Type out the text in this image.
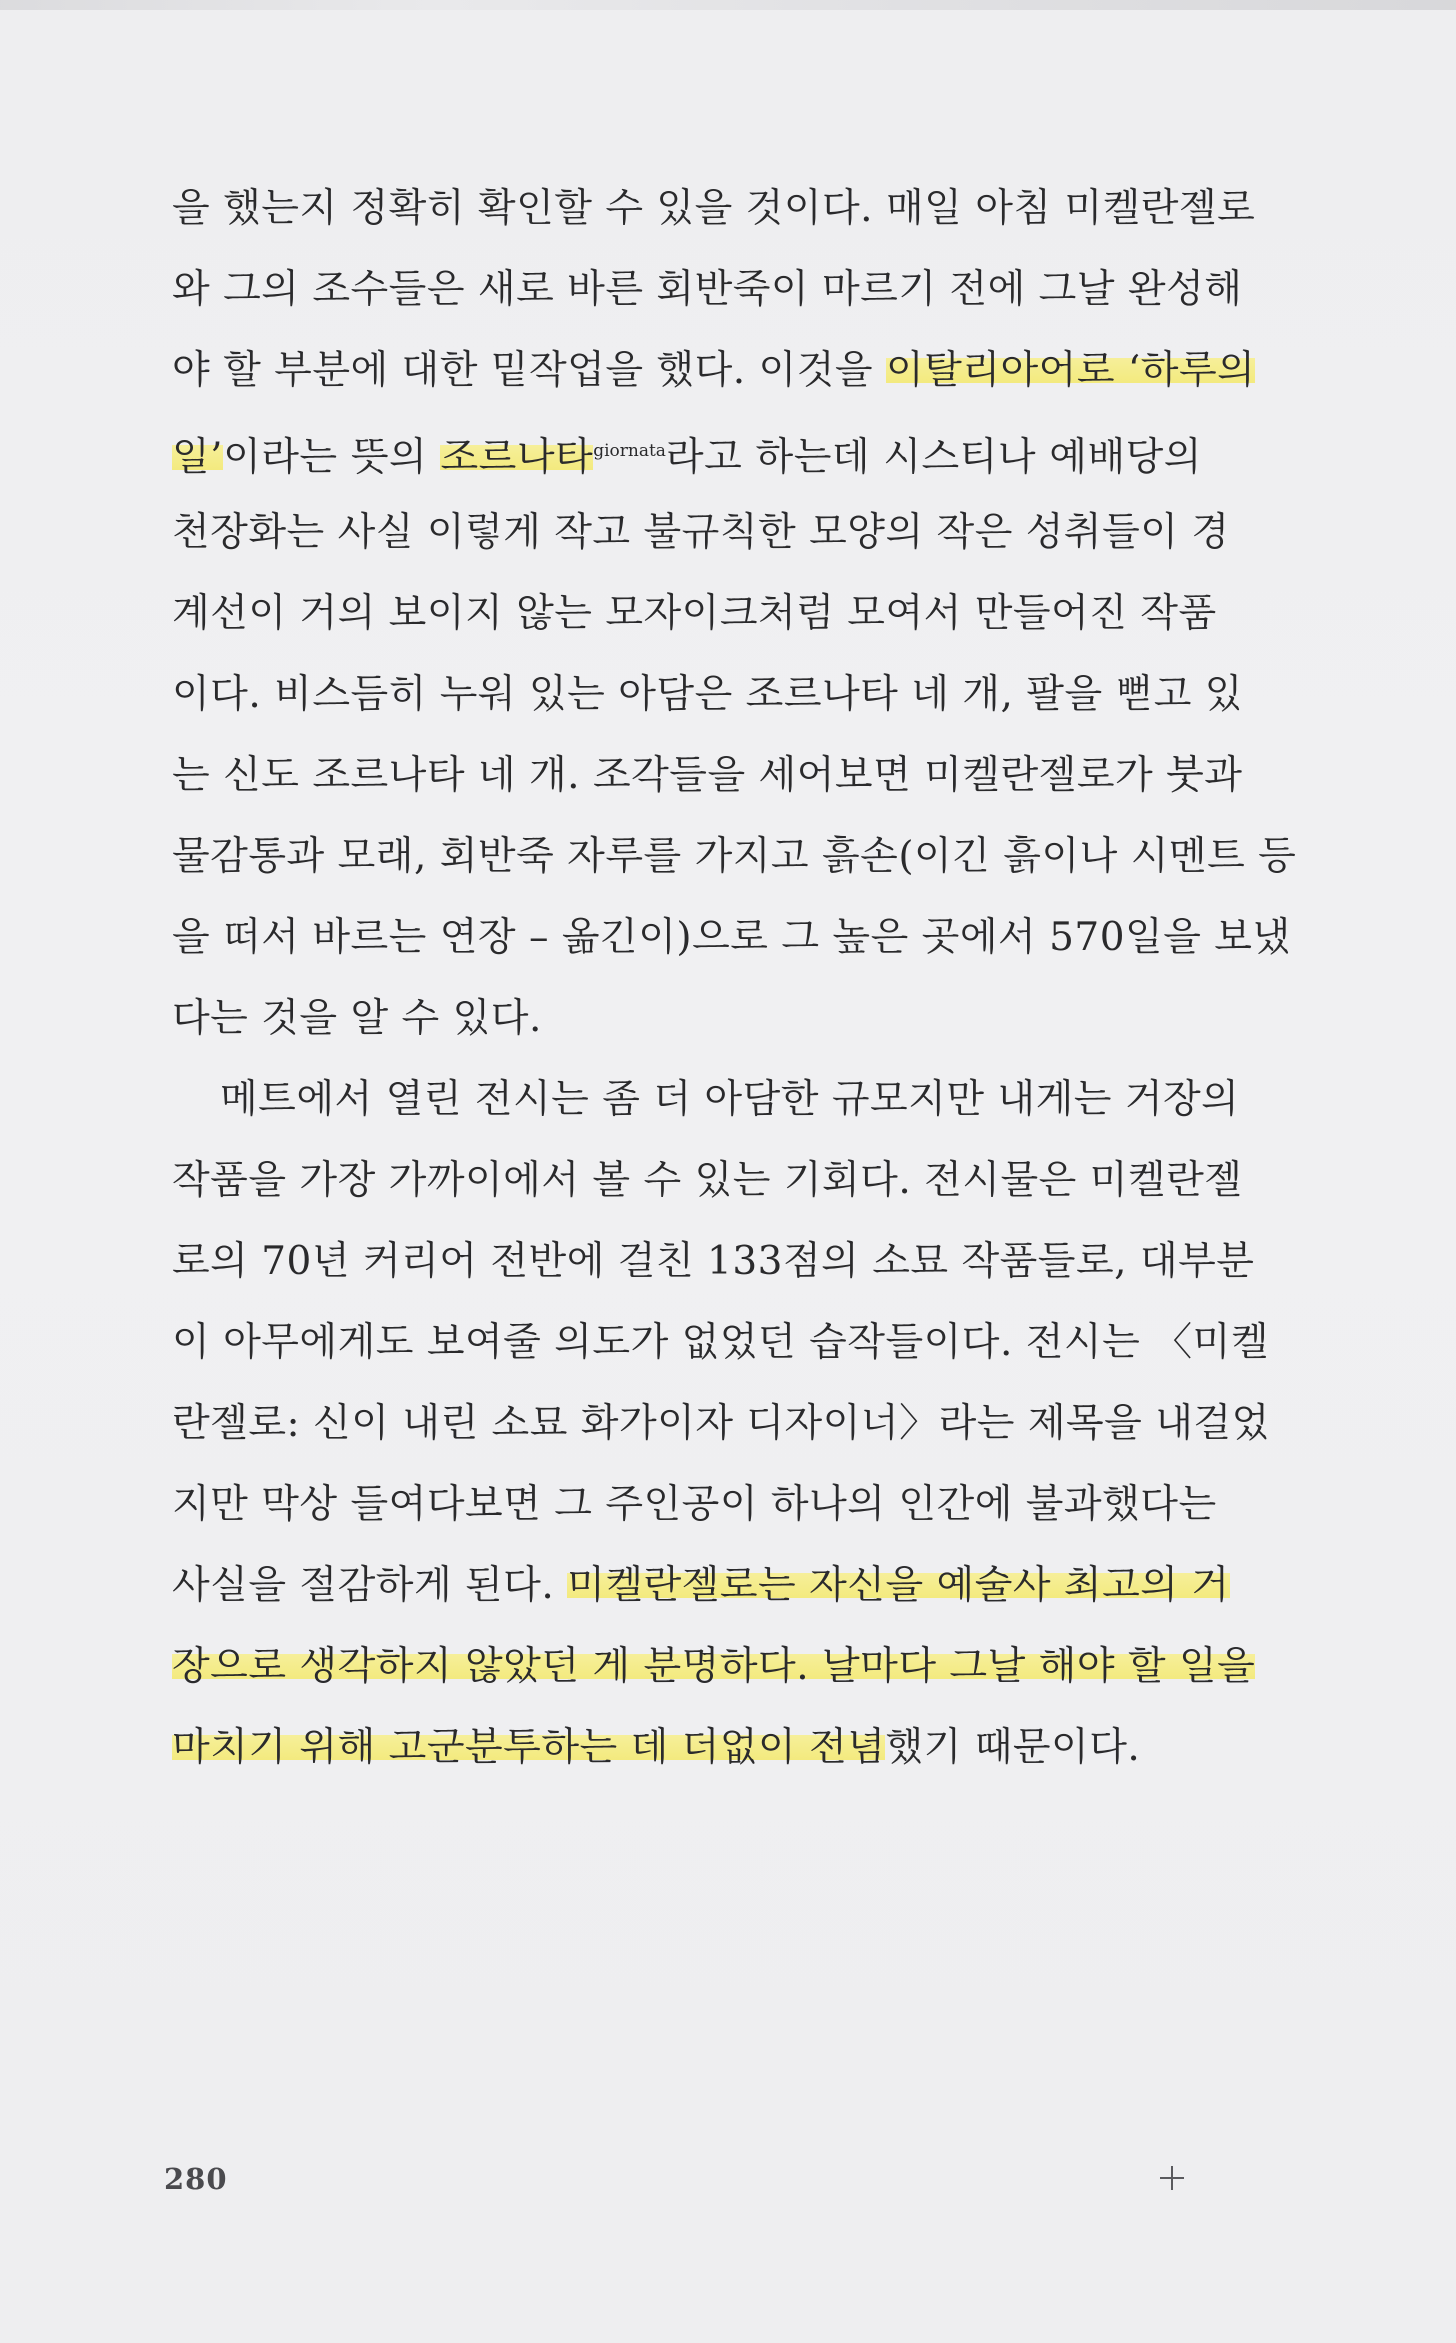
을 했는지 정확히 확인할 수 있을 것이다. 매일 아침 미켈란젤로
와 그의 조수들은 새로 바른 회반죽이 마르기 전에 그날 완성해
야 할 부분에 대한 밑작업을 했다. 이것을 이탈리아어로 ‘하루의
일’이라는 뜻의 조르나타$^{giornata}$라고 하는데 시스티나 예배당의
천장화는 사실 이렇게 작고 불규칙한 모양의 작은 성취들이 경
계선이 거의 보이지 않는 모자이크처럼 모여서 만들어진 작품
이다. 비스듬히 누워 있는 아담은 조르나타 네 개, 팔을 뻗고 있
는 신도 조르나타 네 개. 조각들을 세어보면 미켈란젤로가 붓과
물감통과 모래, 회반죽 자루를 가지고 흙손(이긴 흙이나 시멘트 등
을 떠서 바르는 연장 – 옮긴이)으로 그 높은 곳에서 570일을 보냈
다는 것을 알 수 있다.
메트에서 열린 전시는 좀 더 아담한 규모지만 내게는 거장의
작품을 가장 가까이에서 볼 수 있는 기회다. 전시물은 미켈란젤
로의 70년 커리어 전반에 걸친 133점의 소묘 작품들로, 대부분
이 아무에게도 보여줄 의도가 없었던 습작들이다. 전시는 〈미켈
란젤로: 신이 내린 소묘 화가이자 디자이너〉라는 제목을 내걸었
지만 막상 들여다보면 그 주인공이 하나의 인간에 불과했다는
사실을 절감하게 된다. 미켈란젤로는 자신을 예술사 최고의 거
장으로 생각하지 않았던 게 분명하다. 날마다 그날 해야 할 일을
마치기 위해 고군분투하는 데 더없이 전념했기 때문이다.
280
